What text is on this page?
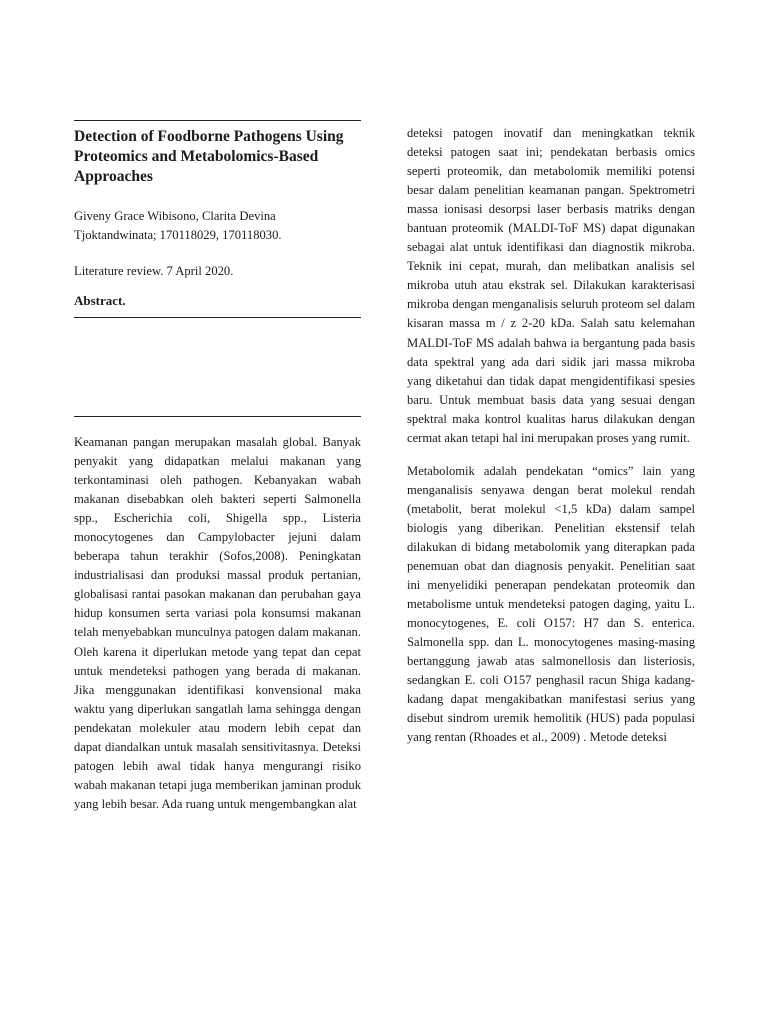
Detection of Foodborne Pathogens Using Proteomics and Metabolomics-Based Approaches
Giveny Grace Wibisono, Clarita Devina Tjoktandwinata; 170118029, 170118030.
Literature review. 7 April 2020.
Abstract.

Keamanan pangan merupakan masalah global. Banyak penyakit yang didapatkan melalui makanan yang terkontaminasi oleh pathogen. Kebanyakan wabah makanan disebabkan oleh bakteri seperti Salmonella spp., Escherichia coli, Shigella spp., Listeria monocytogenes dan Campylobacter jejuni dalam beberapa tahun terakhir (Sofos,2008). Peningkatan industrialisasi dan produksi massal produk pertanian, globalisasi rantai pasokan makanan dan perubahan gaya hidup konsumen serta variasi pola konsumsi makanan telah menyebabkan munculnya patogen dalam makanan. Oleh karena it diperlukan metode yang tepat dan cepat untuk mendeteksi pathogen yang berada di makanan. Jika menggunakan identifikasi konvensional maka waktu yang diperlukan sangatlah lama sehingga dengan pendekatan molekuler atau modern lebih cepat dan dapat diandalkan untuk masalah sensitivitasnya. Deteksi patogen lebih awal tidak hanya mengurangi risiko wabah makanan tetapi juga memberikan jaminan produk yang lebih besar. Ada ruang untuk mengembangkan alat

deteksi patogen inovatif dan meningkatkan teknik deteksi patogen saat ini; pendekatan berbasis omics seperti proteomik, dan metabolomik memiliki potensi besar dalam penelitian keamanan pangan. Spektrometri massa ionisasi desorpsi laser berbasis matriks dengan bantuan proteomik (MALDI-ToF MS) dapat digunakan sebagai alat untuk identifikasi dan diagnostik mikroba. Teknik ini cepat, murah, dan melibatkan analisis sel mikroba utuh atau ekstrak sel. Dilakukan karakterisasi mikroba dengan menganalisis seluruh proteom sel dalam kisaran massa m / z 2-20 kDa. Salah satu kelemahan MALDI-ToF MS adalah bahwa ia bergantung pada basis data spektral yang ada dari sidik jari massa mikroba yang diketahui dan tidak dapat mengidentifikasi spesies baru. Untuk membuat basis data yang sesuai dengan spektral maka kontrol kualitas harus dilakukan dengan cermat akan tetapi hal ini merupakan proses yang rumit.

Metabolomik adalah pendekatan “omics” lain yang menganalisis senyawa dengan berat molekul rendah (metabolit, berat molekul <1,5 kDa) dalam sampel biologis yang diberikan. Penelitian ekstensif telah dilakukan di bidang metabolomik yang diterapkan pada penemuan obat dan diagnosis penyakit. Penelitian saat ini menyelidiki penerapan pendekatan proteomik dan metabolisme untuk mendeteksi patogen daging, yaitu L. monocytogenes, E. coli O157: H7 dan S. enterica. Salmonella spp. dan L. monocytogenes masing-masing bertanggung jawab atas salmonellosis dan listeriosis, sedangkan E. coli O157 penghasil racun Shiga kadang-kadang dapat mengakibatkan manifestasi serius yang disebut sindrom uremik hemolitik (HUS) pada populasi yang rentan (Rhoades et al., 2009) . Metode deteksi
